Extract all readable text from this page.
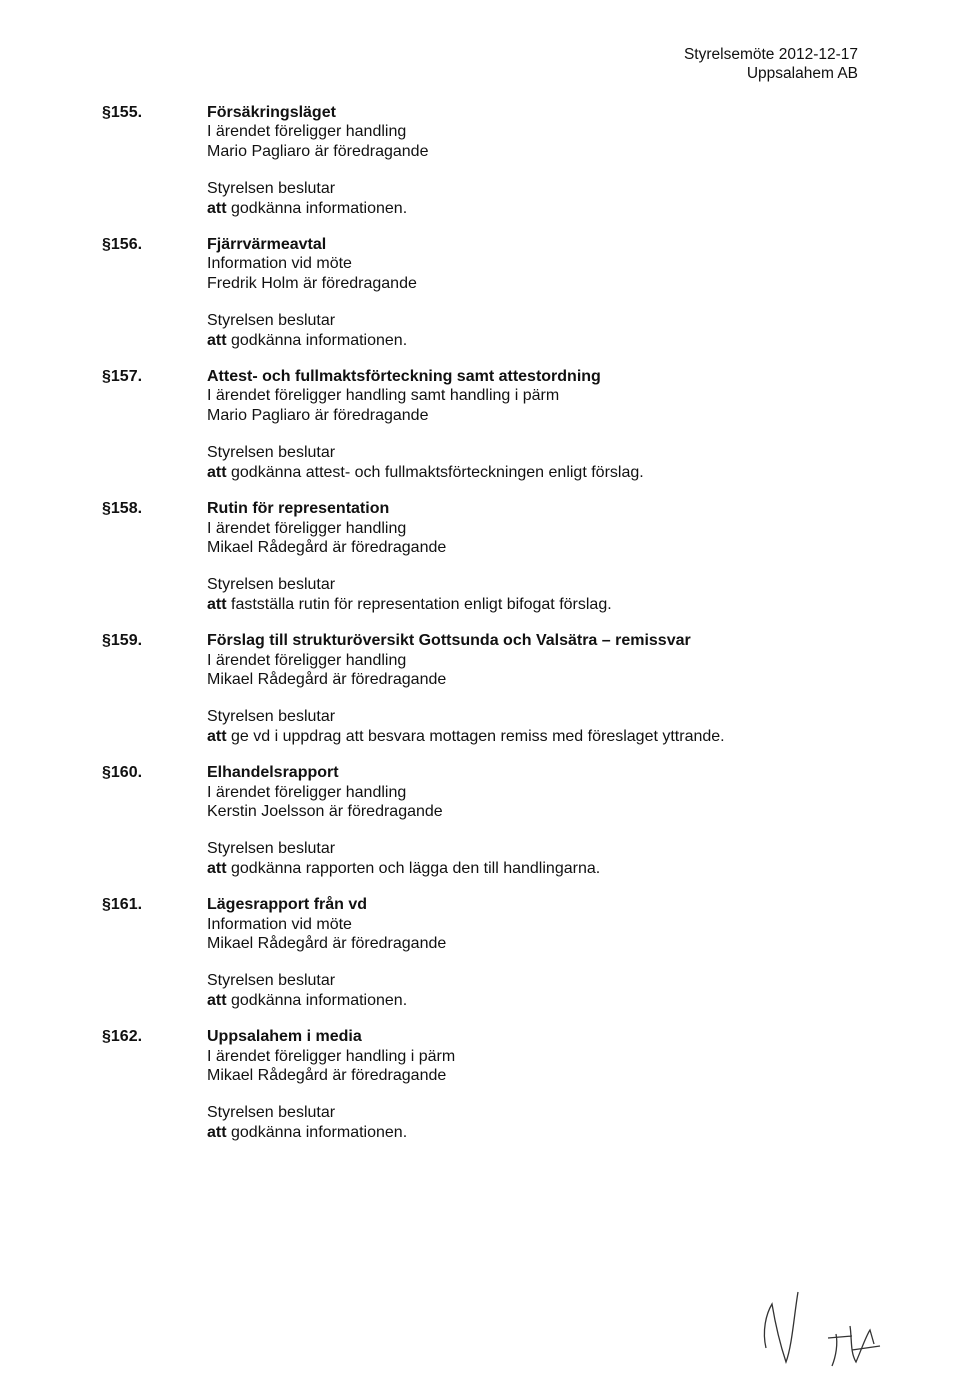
Styrelsemöte 2012-12-17
Uppsalahem AB
§155.	Försäkringsläget
I ärendet föreligger handling
Mario Pagliaro är föredragande
Styrelsen beslutar
att godkänna informationen.
§156.	Fjärrvärmeavtal
Information vid möte
Fredrik Holm är föredragande
Styrelsen beslutar
att godkänna informationen.
§157.	Attest- och fullmaktsförteckning samt attestordning
I ärendet föreligger handling samt handling i pärm
Mario Pagliaro är föredragande
Styrelsen beslutar
att godkänna attest- och fullmaktsförteckningen enligt förslag.
§158.	Rutin för representation
I ärendet föreligger handling
Mikael Rådegård är föredragande
Styrelsen beslutar
att fastställa rutin för representation enligt bifogat förslag.
§159.	Förslag till strukturöversikt Gottsunda och Valsätra – remissvar
I ärendet föreligger handling
Mikael Rådegård är föredragande
Styrelsen beslutar
att ge vd i uppdrag att besvara mottagen remiss med föreslaget yttrande.
§160.	Elhandelsrapport
I ärendet föreligger handling
Kerstin Joelsson är föredragande
Styrelsen beslutar
att godkänna rapporten och lägga den till handlingarna.
§161.	Lägesrapport från vd
Information vid möte
Mikael Rådegård är föredragande
Styrelsen beslutar
att godkänna informationen.
§162.	Uppsalahem i media
I ärendet föreligger handling i pärm
Mikael Rådegård är föredragande
Styrelsen beslutar
att godkänna informationen.
